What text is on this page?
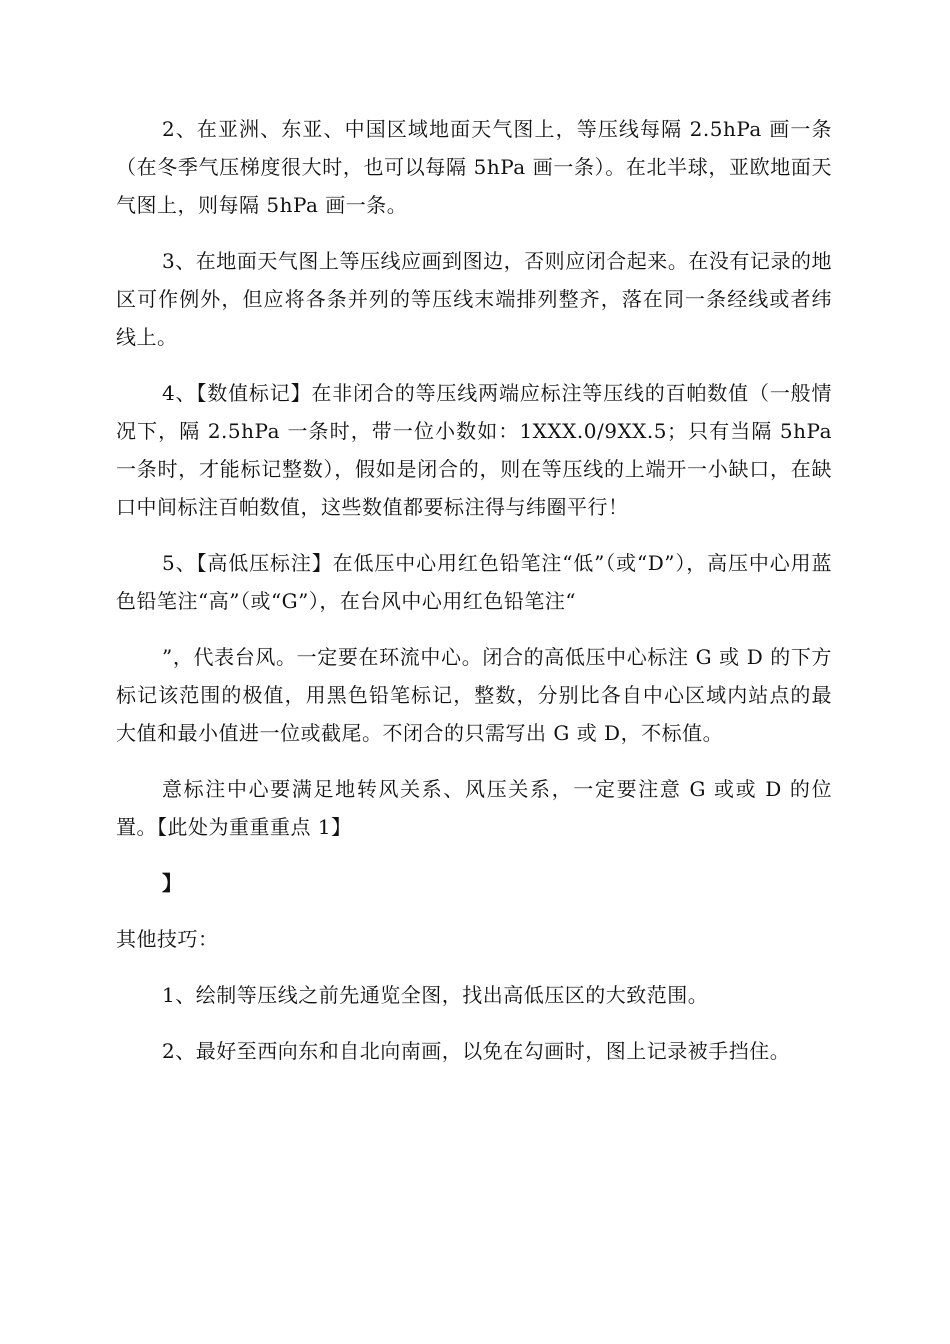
2、在亚洲、东亚、中国区域地面天气图上，等压线每隔 2.5hPa 画一条（在冬季气压梯度很大时，也可以每隔 5hPa 画一条）。在北半球，亚欧地面天气图上，则每隔 5hPa 画一条。

3、在地面天气图上等压线应画到图边，否则应闭合起来。在没有记录的地区可作例外，但应将各条并列的等压线末端排列整齐，落在同一条经线或者纬线上。

4、【数值标记】在非闭合的等压线两端应标注等压线的百帕数值（一般情况下，隔 2.5hPa 一条时，带一位小数如：1XXX.0/9XX.5；只有当隔 5hPa 一条时，才能标记整数），假如是闭合的，则在等压线的上端开一小缺口，在缺口中间标注百帕数值，这些数值都要标注得与纬圈平行！

5、【高低压标注】在低压中心用红色铅笔注“低”（或“D”），高压中心用蓝色铅笔注“高”（或“G”），在台风中心用红色铅笔注“

”，代表台风。一定要在环流中心。闭合的高低压中心标注 G 或 D 的下方标记该范围的极值，用黑色铅笔标记，整数，分别比各自中心区域内站点的最大值和最小值进一位或截尾。不闭合的只需写出 G 或 D，不标值。

意标注中心要满足地转风关系、风压关系，一定要注意 G 或或 D 的位置。【此处为重重重点 1】

】

其他技巧：

1、绘制等压线之前先通览全图，找出高低压区的大致范围。

2、最好至西向东和自北向南画，以免在勾画时，图上记录被手挡住。
